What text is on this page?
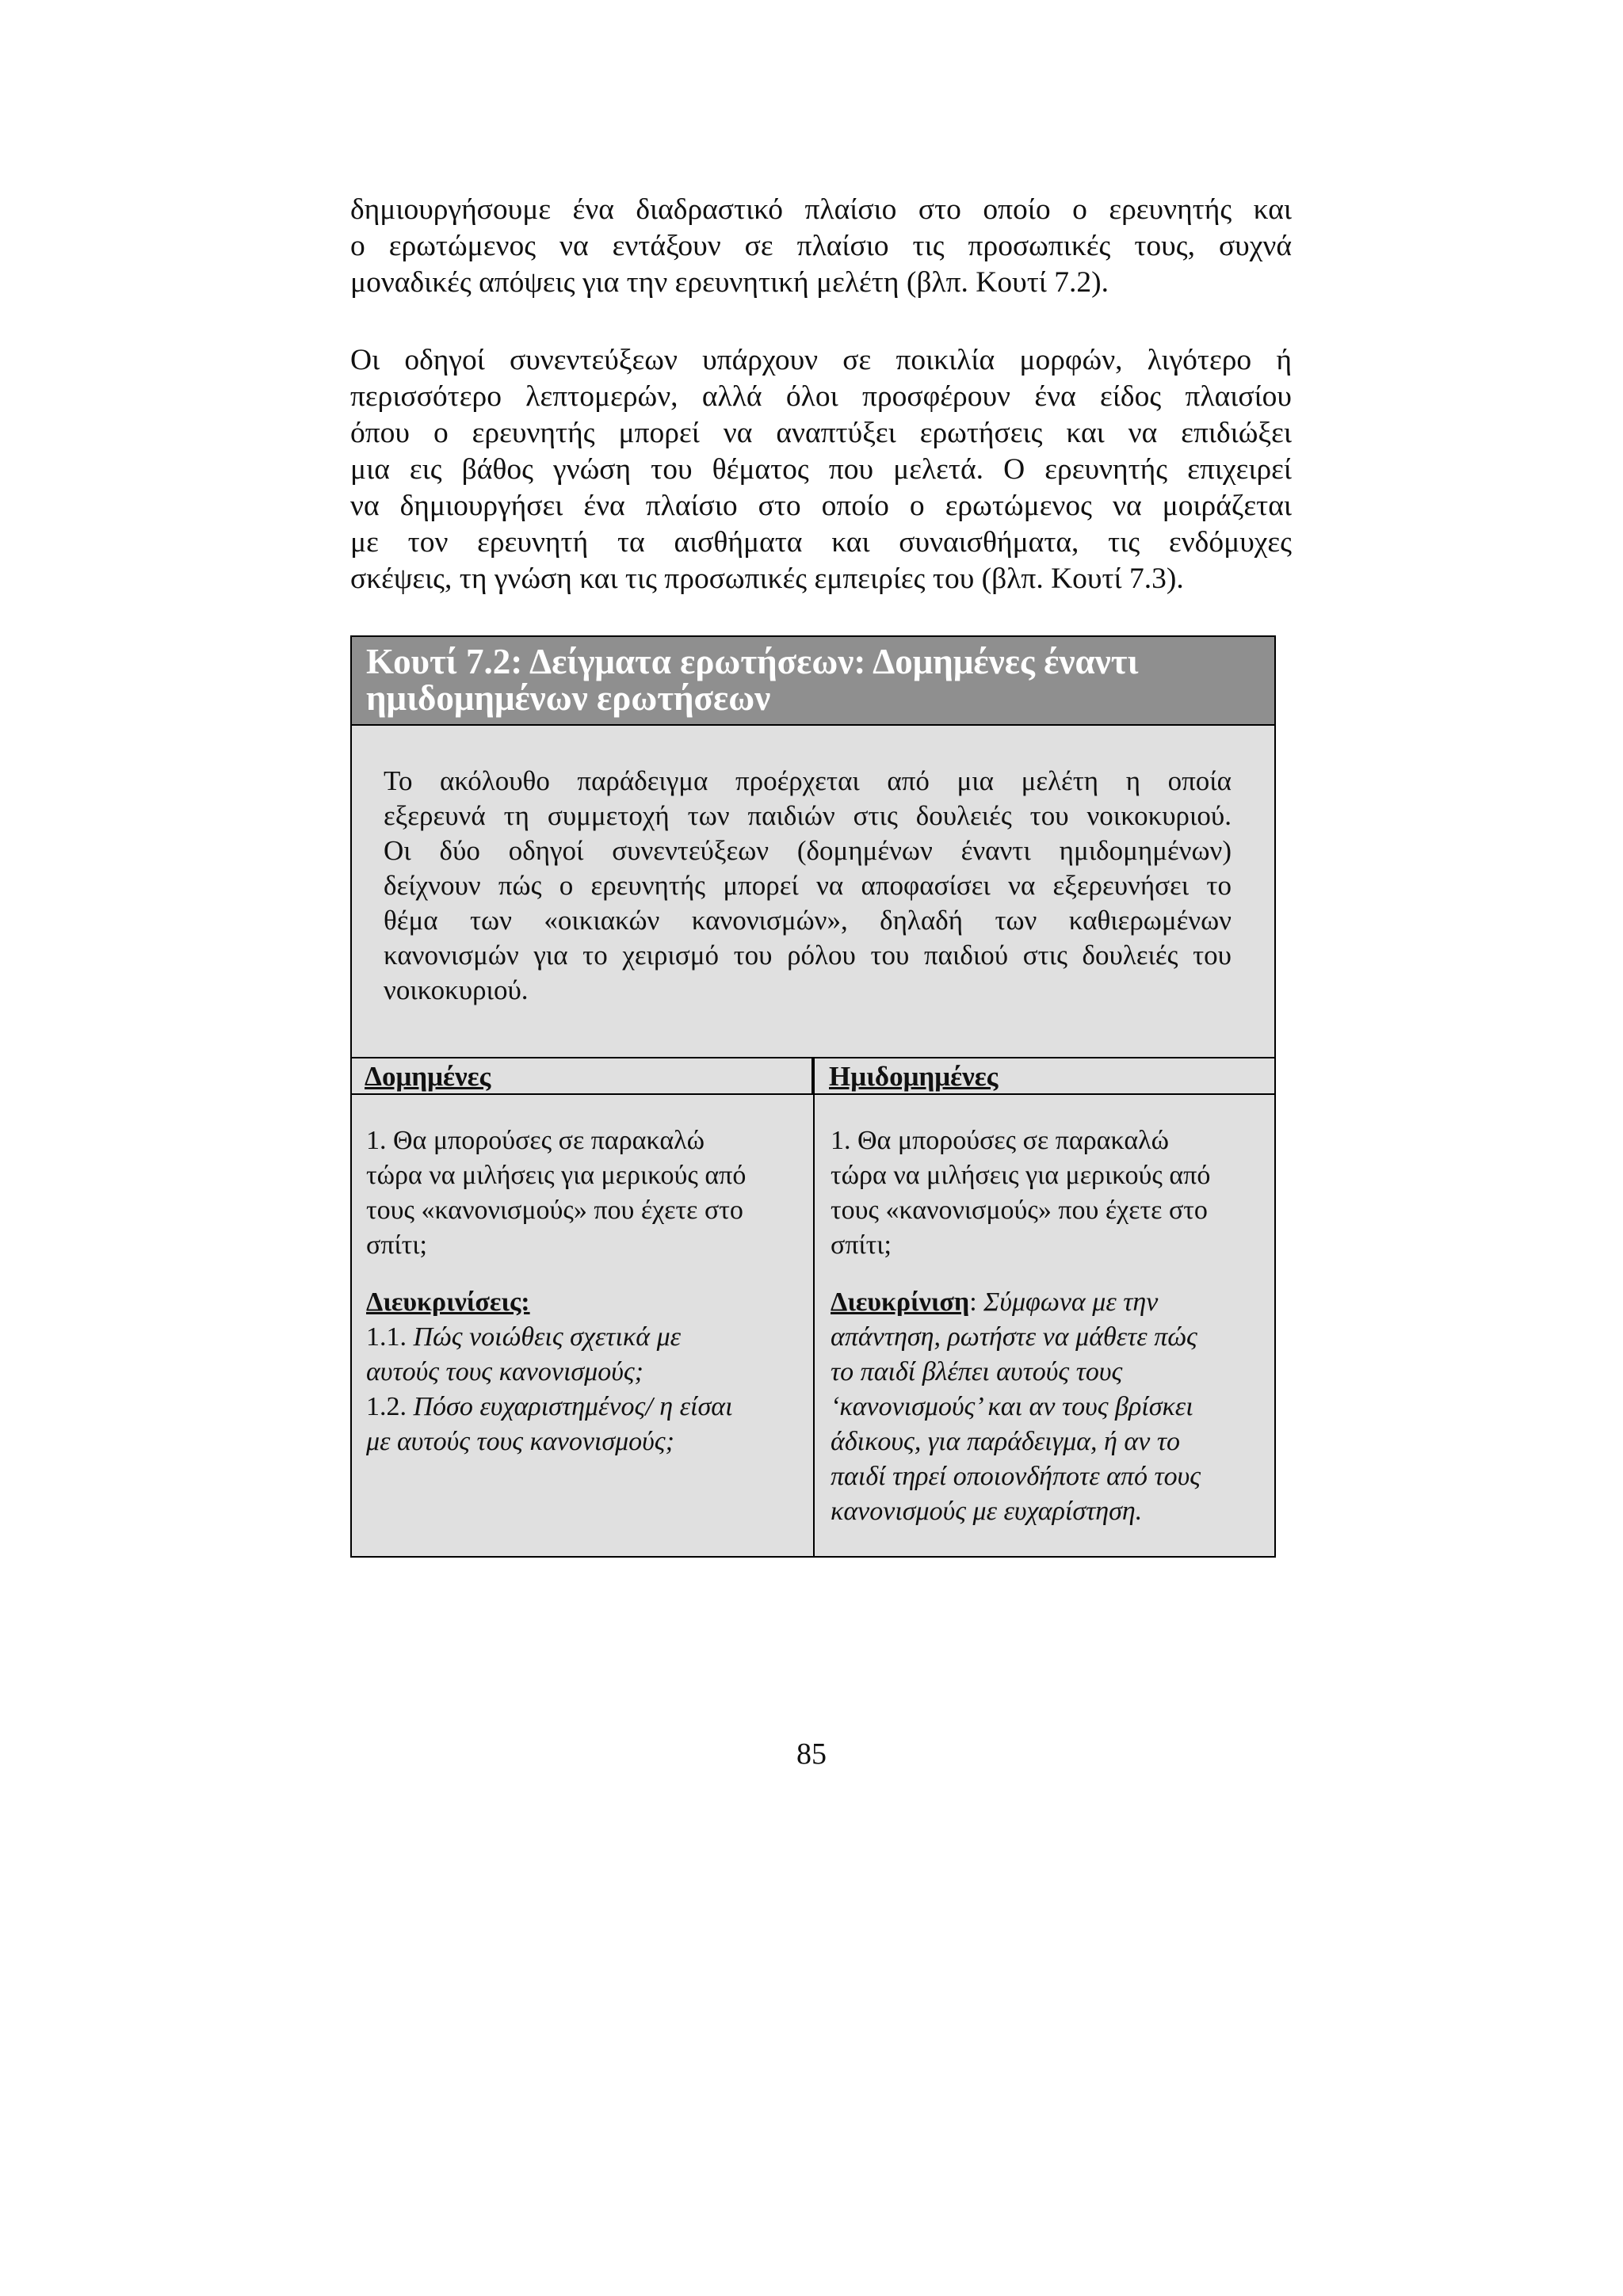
δημιουργήσουμε ένα διαδραστικό πλαίσιο στο οποίο ο ερευνητής και
ο ερωτώμενος να εντάξουν σε πλαίσιο τις προσωπικές τους, συχνά
μοναδικές απόψεις για την ερευνητική μελέτη (βλπ. Κουτί 7.2).
Οι οδηγοί συνεντεύξεων υπάρχουν σε ποικιλία μορφών, λιγότερο ή
περισσότερο λεπτομερών, αλλά όλοι προσφέρουν ένα είδος πλαισίου
όπου ο ερευνητής μπορεί να αναπτύξει ερωτήσεις και να επιδιώξει
μια εις βάθος γνώση του θέματος που μελετά. Ο ερευνητής επιχειρεί
να δημιουργήσει ένα πλαίσιο στο οποίο ο ερωτώμενος να μοιράζεται
με τον ερευνητή τα αισθήματα και συναισθήματα, τις ενδόμυχες
σκέψεις, τη γνώση και τις προσωπικές εμπειρίες του (βλπ. Κουτί 7.3).
Κουτί 7.2: Δείγματα ερωτήσεων: Δομημένες έναντι
ημιδομημένων ερωτήσεων
Το ακόλουθο παράδειγμα προέρχεται από μια μελέτη η οποία
εξερευνά τη συμμετοχή των παιδιών στις δουλειές του νοικοκυριού.
Οι δύο οδηγοί συνεντεύξεων (δομημένων έναντι ημιδομημένων)
δείχνουν πώς ο ερευνητής μπορεί να αποφασίσει να εξερευνήσει το
θέμα των «οικιακών κανονισμών», δηλαδή των καθιερωμένων
κανονισμών για το χειρισμό του ρόλου του παιδιού στις δουλειές του
νοικοκυριού.
Δομημένες	Ημιδομημένες
1. Θα μπορούσες σε παρακαλώ
τώρα να μιλήσεις για μερικούς από
τους «κανονισμούς» που έχετε στο
σπίτι;
Διευκρινίσεις:
1.1. Πώς νοιώθεις σχετικά με
αυτούς τους κανονισμούς;
1.2. Πόσο ευχαριστημένος/ η είσαι
με αυτούς τους κανονισμούς;
1. Θα μπορούσες σε παρακαλώ
τώρα να μιλήσεις για μερικούς από
τους «κανονισμούς» που έχετε στο
σπίτι;
Διευκρίνιση: Σύμφωνα με την
απάντηση, ρωτήστε να μάθετε πώς
το παιδί βλέπει αυτούς τους
‘κανονισμούς’ και αν τους βρίσκει
άδικους, για παράδειγμα, ή αν το
παιδί τηρεί οποιονδήποτε από τους
κανονισμούς με ευχαρίστηση.
85
